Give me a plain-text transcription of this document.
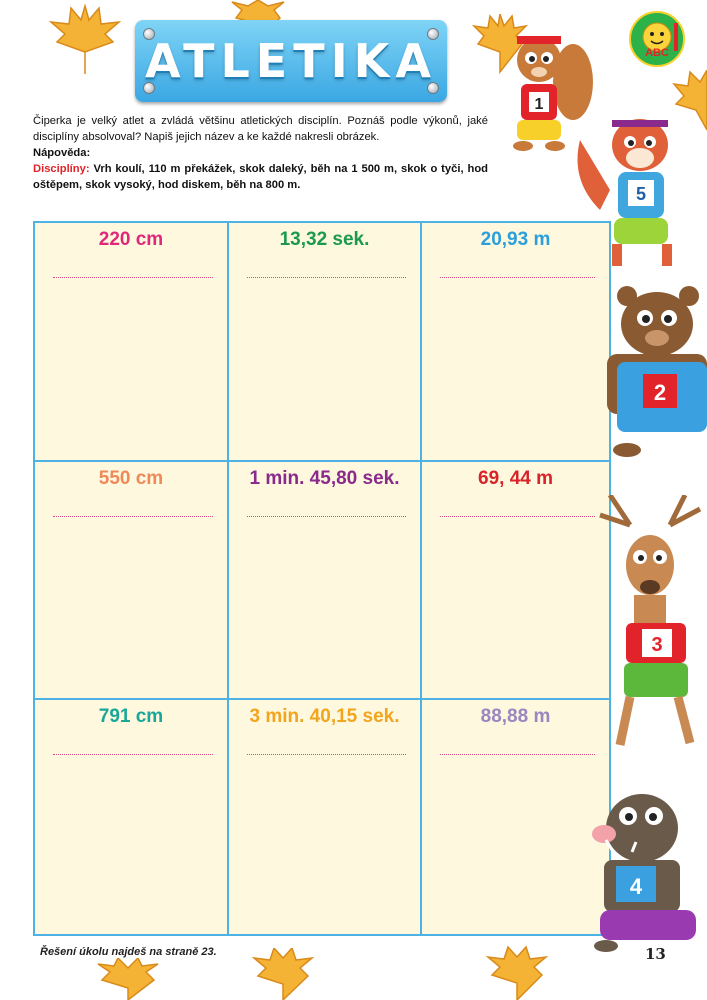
ATLETIKA	ABC
Čiperka je velký atlet a zvládá většinu atletických disciplín. Poznáš podle výkonů, jaké disciplíny absolvoval? Napiš jejich název a ke každé nakresli obrázek.
Nápověda:
Disciplíny: Vrh koulí, 110 m překážek, skok daleký, běh na 1 500 m, skok o tyči, hod oštěpem, skok vysoký, hod diskem, běh na 800 m.
220 cm	13,32 sek.	20,93 m
550 cm	1 min. 45,80 sek.	69, 44 m
791 cm	3 min. 40,15 sek.	88,88 m
1
5
2
3
4
Řešení úkolu najdeš na straně 23.	13
